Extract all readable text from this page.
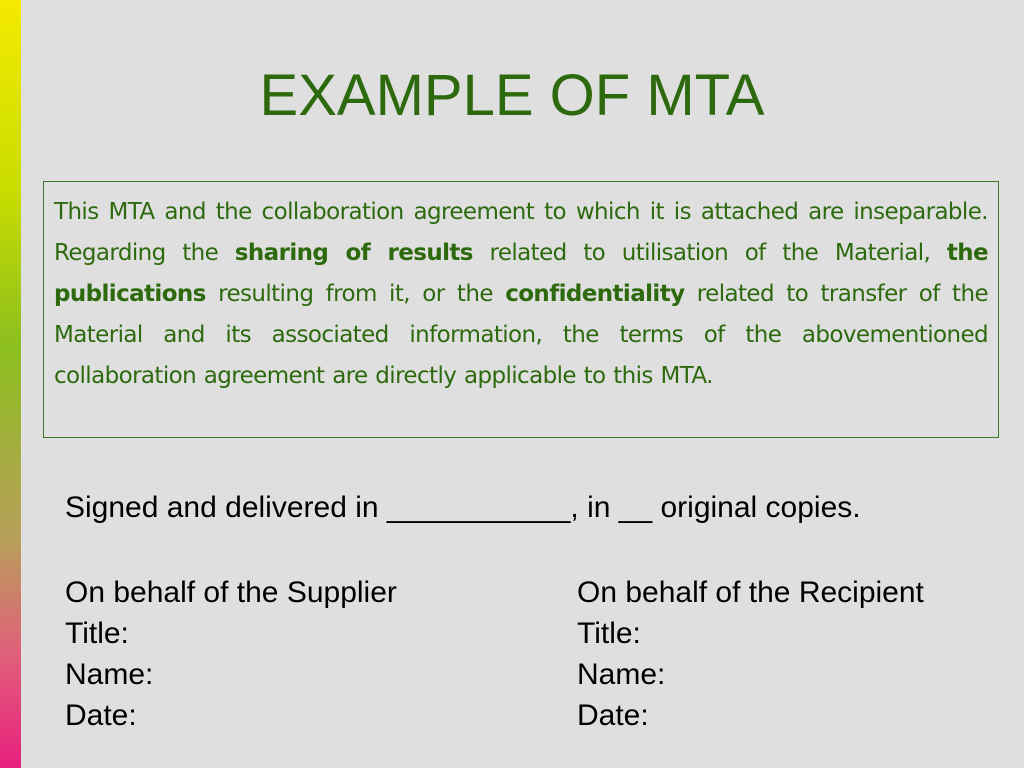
EXAMPLE OF MTA

This MTA and the collaboration agreement to which it is attached are inseparable. Regarding the sharing of results related to utilisation of the Material, the publications resulting from it, or the confidentiality related to transfer of the Material and its associated information, the terms of the abovementioned collaboration agreement are directly applicable to this MTA.

Signed and delivered in ___________, in __ original copies.
On behalf of the Supplier
Title:
Name:
Date:
On behalf of the Recipient
Title:
Name:
Date:
